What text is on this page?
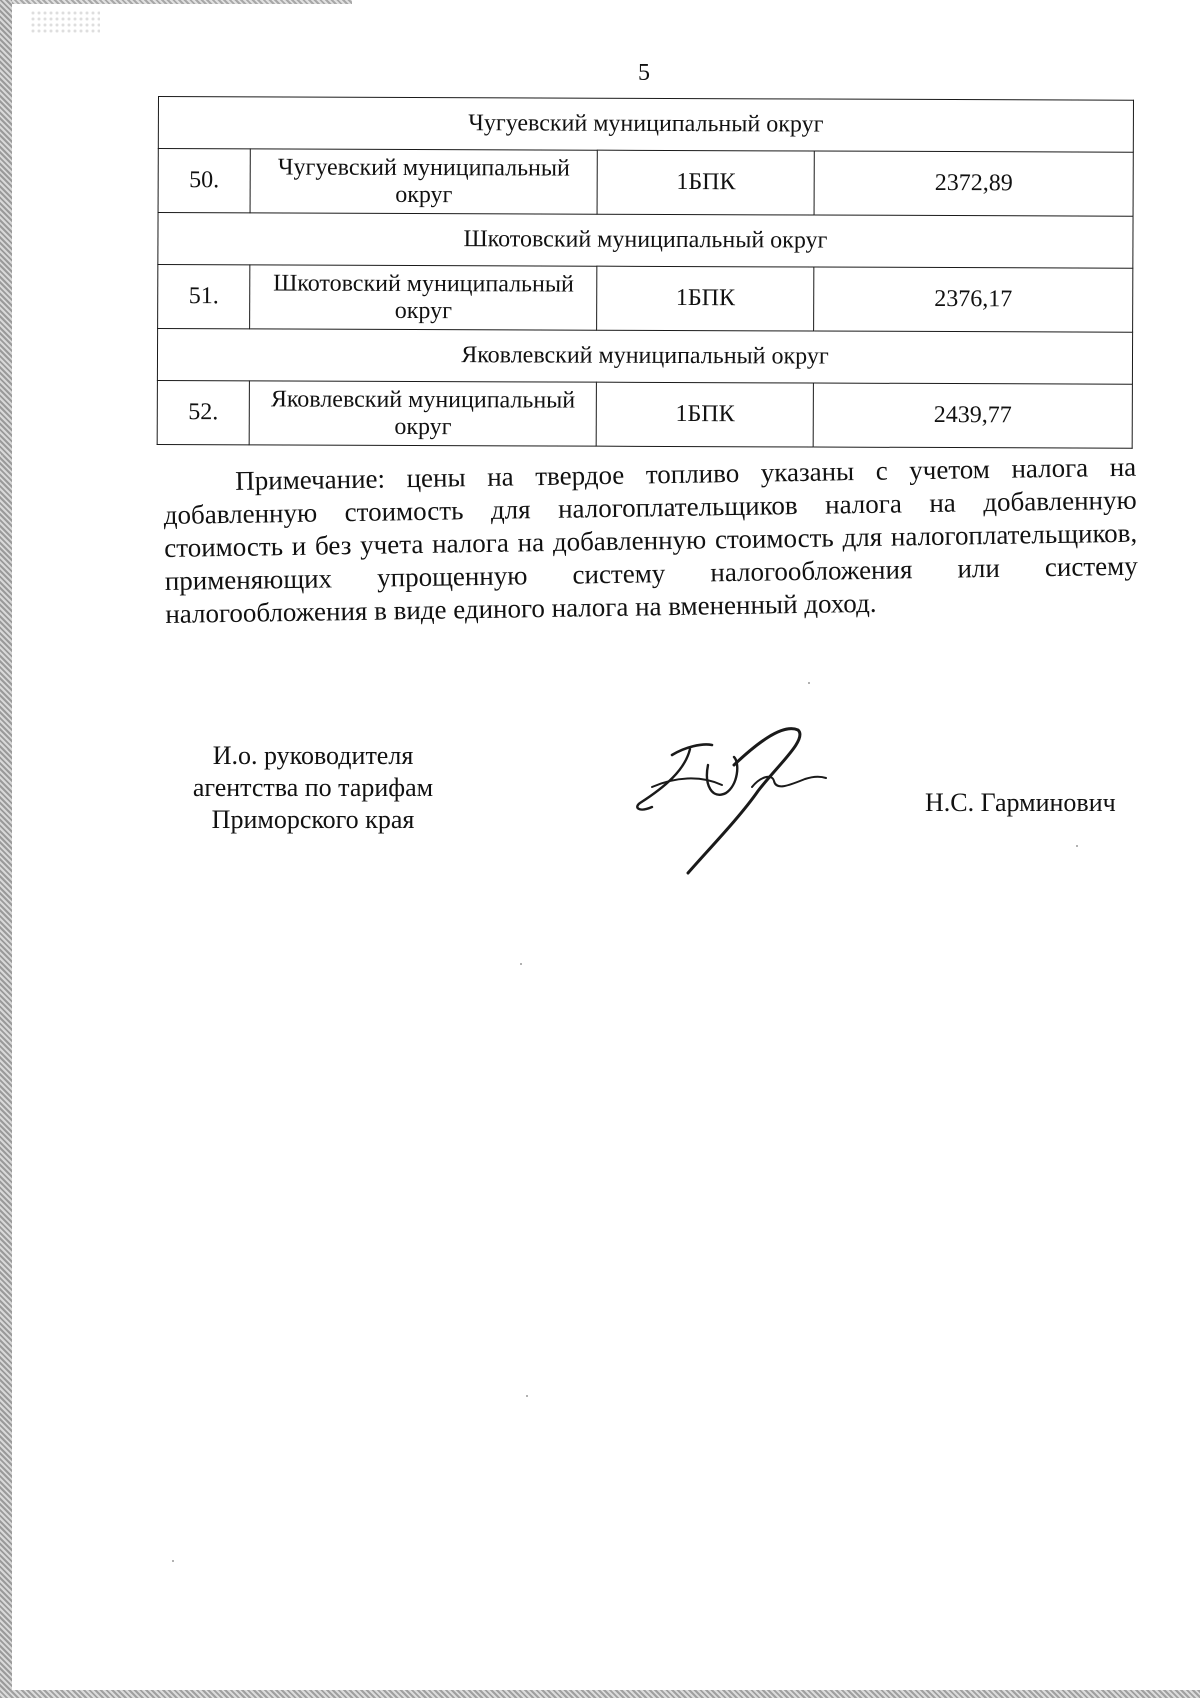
5
Чугуевский муниципальный округ			
50.	Чугуевский муниципальный округ	1БПК	2372,89
Шкотовский муниципальный округ			
51.	Шкотовский муниципальный округ	1БПК	2376,17
Яковлевский муниципальный округ			
52.	Яковлевский муниципальный округ	1БПК	2439,77

Примечание: цены на твердое топливо указаны с учетом налога на добавленную стоимость для налогоплательщиков налога на добавленную стоимость и без учета налога на добавленную стоимость для налогоплательщиков, применяющих упрощенную систему налогообложения или систему налогообложения в виде единого налога на вмененный доход.

И.о. руководителя
агентства по тарифам
Приморского края
Н.С. Гарминович
